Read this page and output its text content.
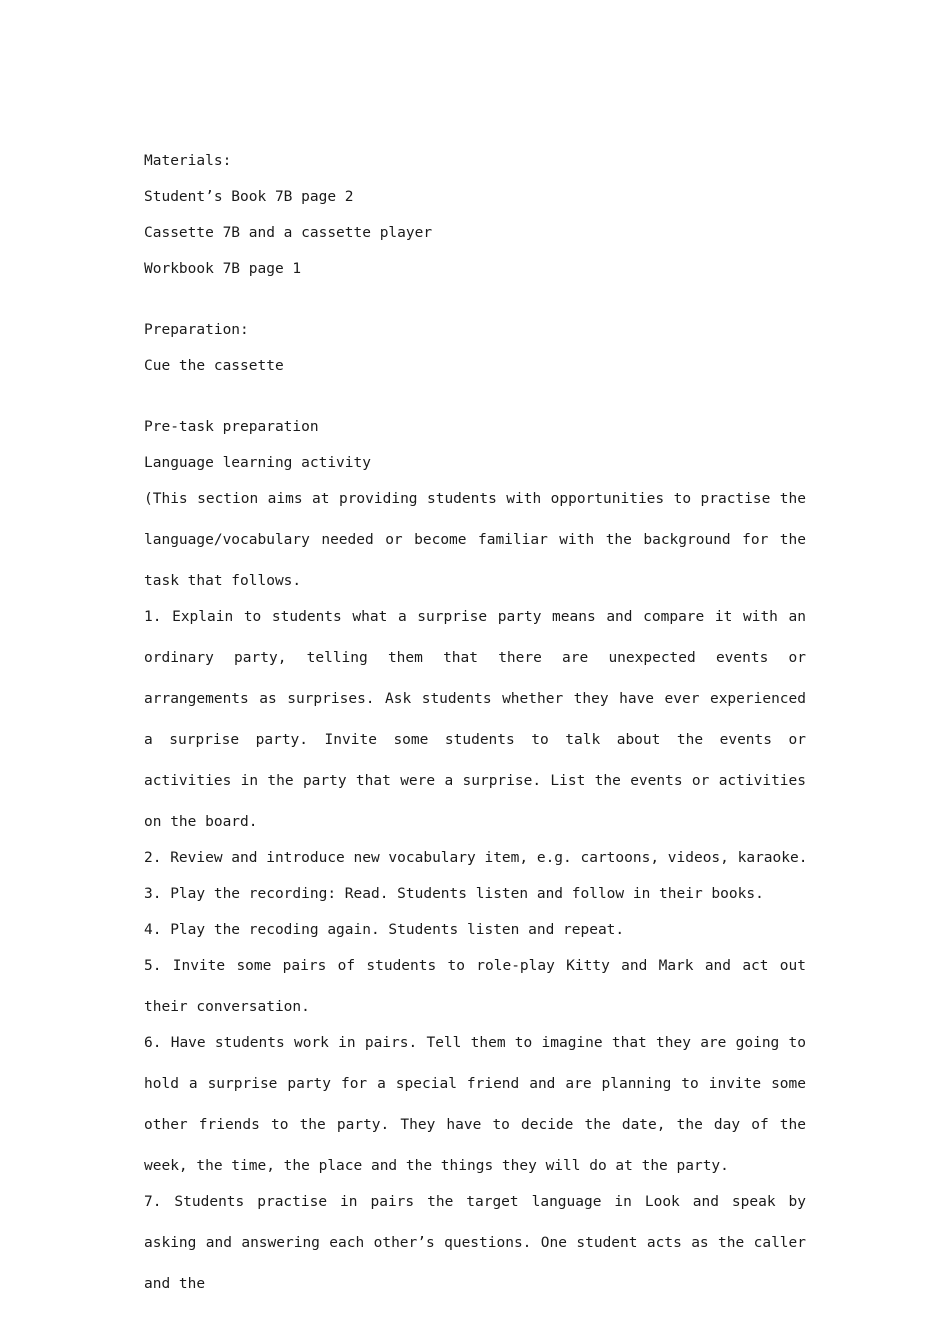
Materials:

Student’s Book 7B page 2

Cassette 7B and a cassette player

Workbook 7B page 1

Preparation:

Cue the cassette

Pre-task preparation

Language learning activity

(This section aims at providing students with opportunities to practise the language/vocabulary needed or become familiar with the background for the task that follows.

1. Explain to students what a surprise party means and compare it with an ordinary party, telling them that there are unexpected events or arrangements as surprises. Ask students whether they have ever experienced a surprise party. Invite some students to talk about the events or activities in the party that were a surprise. List the events or activities on the board.

2. Review and introduce new vocabulary item, e.g. cartoons, videos, karaoke.

3. Play the recording: Read. Students listen and follow in their books.

4. Play the recoding again. Students listen and repeat.

5. Invite some pairs of students to role-play Kitty and Mark and act out their conversation.

6. Have students work in pairs. Tell them to imagine that they are going to hold a surprise party for a special friend and are planning to invite some other friends to the party. They have to decide the date, the day of the week, the time, the place and the things they will do at the party.

7. Students practise in pairs the target language in Look and speak by asking and answering each other’s questions. One student acts as the caller and the
